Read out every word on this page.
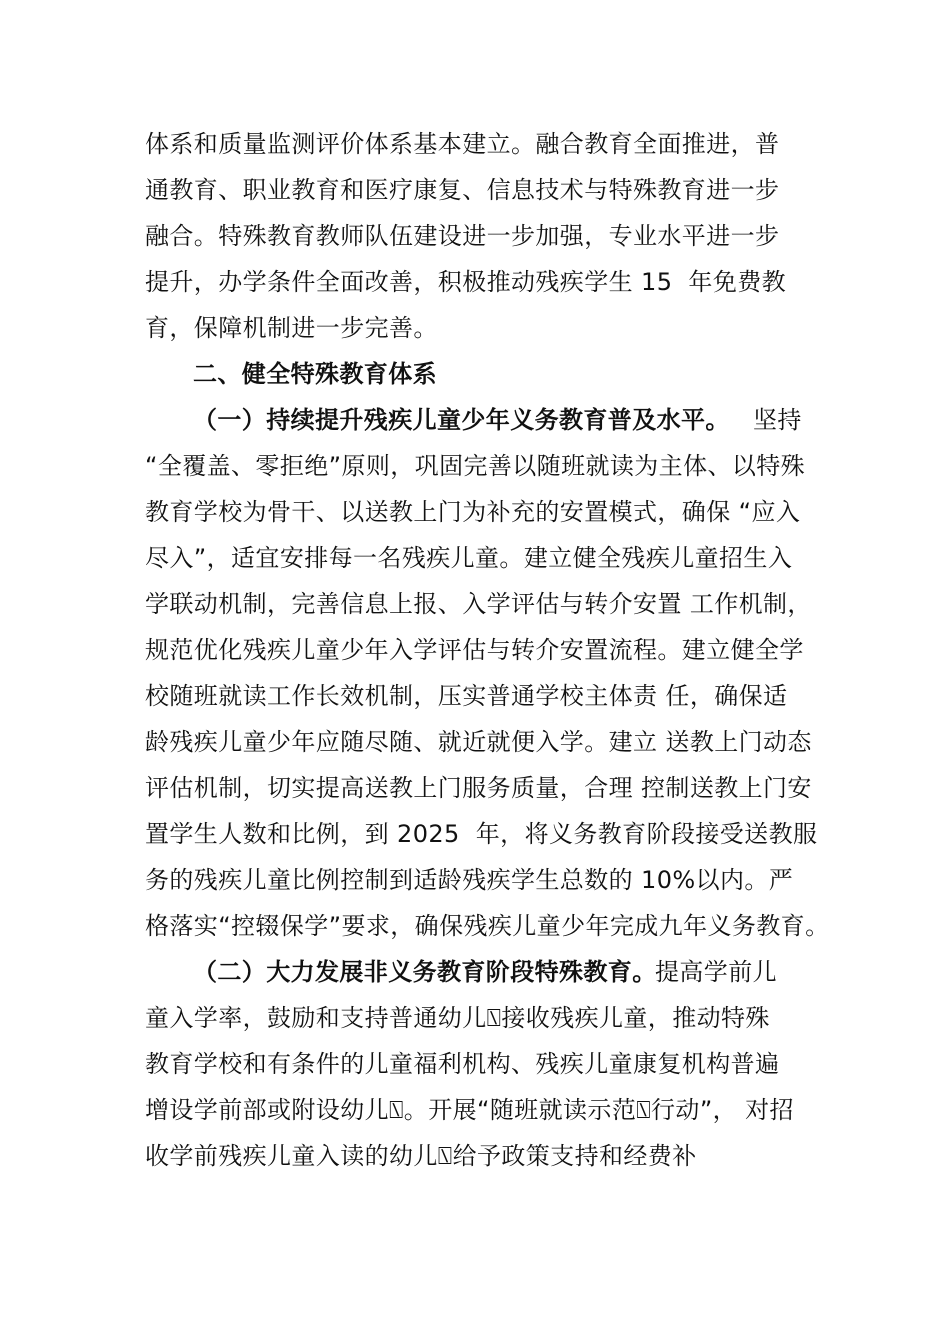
体系和质量监测评价体系基本建立。融合教育全面推进，普
通教育、职业教育和医疗康复、信息技术与特殊教育进一步
融合。特殊教育教师队伍建设进一步加强，专业水平进一步
提升，办学条件全面改善，积极推动残疾学生 15  年免费教
育，保障机制进一步完善。
二、健全特殊教育体系
（一）持续提升残疾儿童少年义务教育普及水平。 坚持
“全覆盖、零拒绝”原则，巩固完善以随班就读为主体、以特殊
教育学校为骨干、以送教上门为补充的安置模式，确保 “应入
尽入”，适宜安排每一名残疾儿童。建立健全残疾儿童招生入
学联动机制，完善信息上报、入学评估与转介安置 工作机制，
规范优化残疾儿童少年入学评估与转介安置流程。建立健全学
校随班就读工作长效机制，压实普通学校主体责 任，确保适
龄残疾儿童少年应随尽随、就近就便入学。建立 送教上门动态
评估机制，切实提高送教上门服务质量，合理 控制送教上门安
置学生人数和比例，到 2025  年，将义务教育阶段接受送教服
务的残疾儿童比例控制到适龄残疾学生总数的 10%以内。严
格落实“控辍保学”要求，确保残疾儿童少年完成九年义务教育。
（二）大力发展非义务教育阶段特殊教育。
提高学前儿
童入学率，鼓励和支持普通幼儿⍂接收残疾儿童，推动特殊
教育学校和有条件的儿童福利机构、残疾儿童康复机构普遍
增设学前部或附设幼儿⍂。开展“随班就读示范⍂行动”， 对招
收学前残疾儿童入读的幼儿⍂给予政策支持和经费补
